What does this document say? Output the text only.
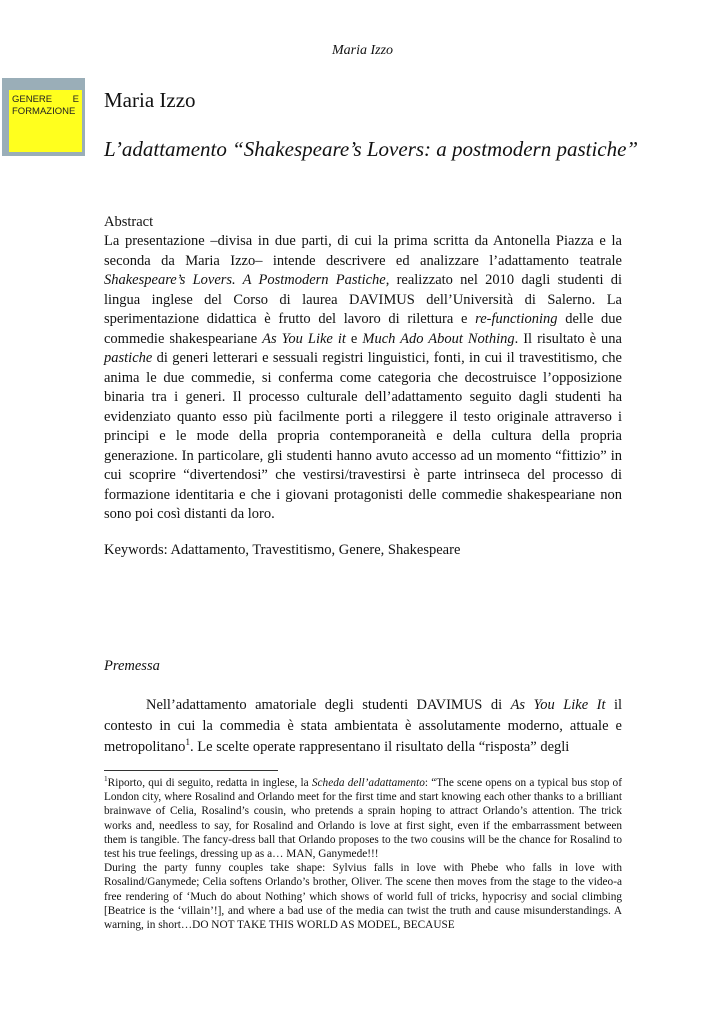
Maria Izzo
GENERE E FORMAZIONE	Maria Izzo
L’adattamento “Shakespeare’s Lovers: a postmodern pastiche”
Abstract

La presentazione –divisa in due parti, di cui la prima scritta da Antonella Piazza e la seconda da Maria Izzo– intende descrivere ed analizzare l’adattamento teatrale Shakespeare’s Lovers. A Postmodern Pastiche, realizzato nel 2010 dagli studenti di lingua inglese del Corso di laurea DAVIMUS dell’Università di Salerno. La sperimentazione didattica è frutto del lavoro di rilettura e re-functioning delle due commedie shakespeariane As You Like it e Much Ado About Nothing. Il risultato è una pastiche di generi letterari e sessuali registri linguistici, fonti, in cui il travestitismo, che anima le due commedie, si conferma come categoria che decostruisce l’opposizione binaria tra i generi. Il processo culturale dell’adattamento seguito dagli studenti ha evidenziato quanto esso più facilmente porti a rileggere il testo originale attraverso i principi e le mode della propria contemporaneità e della cultura della propria generazione. In particolare, gli studenti hanno avuto accesso ad un momento “fittizio” in cui scoprire “divertendosi” che vestirsi/travestirsi è parte intrinseca del processo di formazione identitaria e che i giovani protagonisti delle commedie shakespeariane non sono poi così distanti da loro.

Keywords: Adattamento, Travestitismo, Genere, Shakespeare
Premessa

Nell’adattamento amatoriale degli studenti DAVIMUS di As You Like It il contesto in cui la commedia è stata ambientata è assolutamente moderno, attuale e metropolitano$^1$. Le scelte operate rappresentano il risultato della “risposta” degli

$^1$Riporto, qui di seguito, redatta in inglese, la Scheda dell’adattamento: “The scene opens on a typical bus stop of London city, where Rosalind and Orlando meet for the first time and start knowing each other thanks to a brilliant brainwave of Celia, Rosalind’s cousin, who pretends a sprain hoping to attract Orlando’s attention. The trick works and, needless to say, for Rosalind and Orlando is love at first sight, even if the embarrassment between them is tangible. The fancy-dress ball that Orlando proposes to the two cousins will be the chance for Rosalind to test his true feelings, dressing up as a… MAN, Ganymede!!!

During the party funny couples take shape: Sylvius falls in love with Phebe who falls in love with Rosalind/Ganymede; Celia softens Orlando’s brother, Oliver. The scene then moves from the stage to the video-a free rendering of ‘Much do about Nothing’ which shows of world full of tricks, hypocrisy and social climbing [Beatrice is the ‘villain’!], and where a bad use of the media can twist the truth and cause misunderstandings. A warning, in short…DO NOT TAKE THIS WORLD AS MODEL, BECAUSE
